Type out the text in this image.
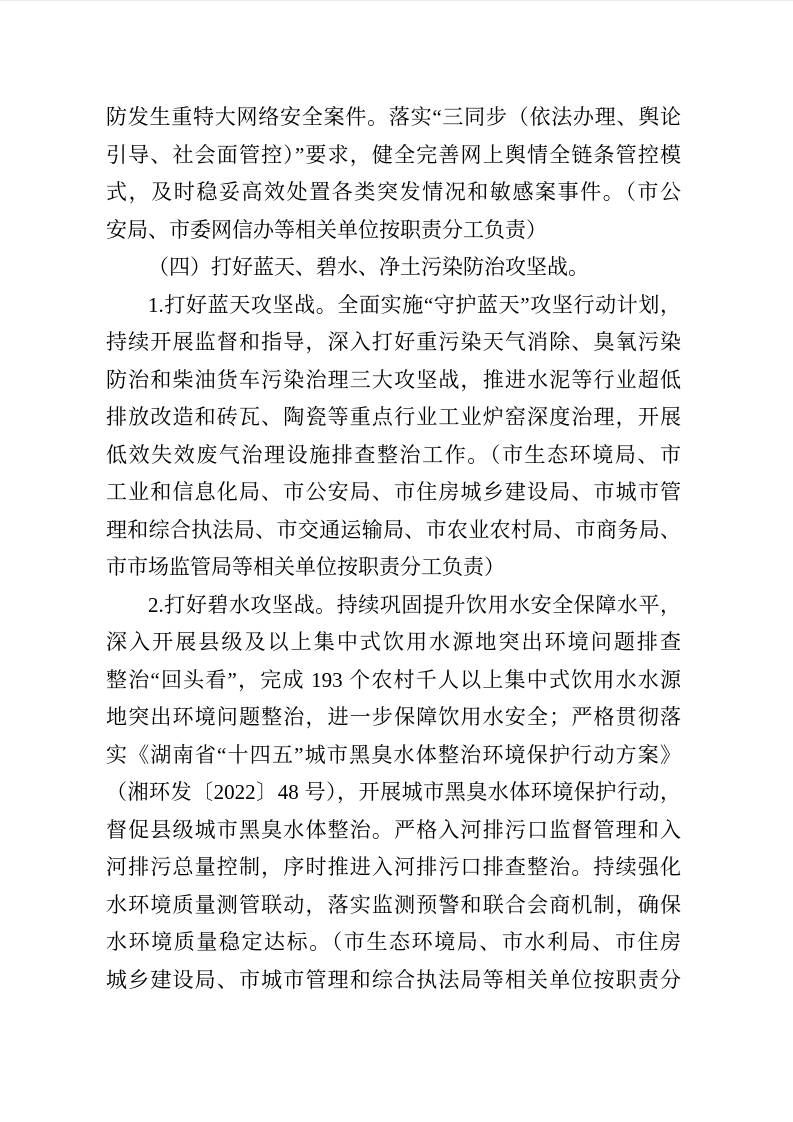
防发生重特大网络安全案件。落实“三同步（依法办理、舆论
引导、社会面管控）”要求，健全完善网上舆情全链条管控模
式，及时稳妥高效处置各类突发情况和敏感案事件。（市公
安局、市委网信办等相关单位按职责分工负责）
（四）打好蓝天、碧水、净土污染防治攻坚战。
1.打好蓝天攻坚战。全面实施“守护蓝天”攻坚行动计划，
持续开展监督和指导，深入打好重污染天气消除、臭氧污染
防治和柴油货车污染治理三大攻坚战，推进水泥等行业超低
排放改造和砖瓦、陶瓷等重点行业工业炉窑深度治理，开展
低效失效废气治理设施排查整治工作。（市生态环境局、市
工业和信息化局、市公安局、市住房城乡建设局、市城市管
理和综合执法局、市交通运输局、市农业农村局、市商务局、
市市场监管局等相关单位按职责分工负责）
2.打好碧水攻坚战。持续巩固提升饮用水安全保障水平，
深入开展县级及以上集中式饮用水源地突出环境问题排查
整治“回头看”，完成 193 个农村千人以上集中式饮用水水源
地突出环境问题整治，进一步保障饮用水安全；严格贯彻落
实《湖南省“十四五”城市黑臭水体整治环境保护行动方案》
（湘环发〔2022〕48 号），开展城市黑臭水体环境保护行动，
督促县级城市黑臭水体整治。严格入河排污口监督管理和入
河排污总量控制，序时推进入河排污口排查整治。持续强化
水环境质量测管联动，落实监测预警和联合会商机制，确保
水环境质量稳定达标。（市生态环境局、市水利局、市住房
城乡建设局、市城市管理和综合执法局等相关单位按职责分
